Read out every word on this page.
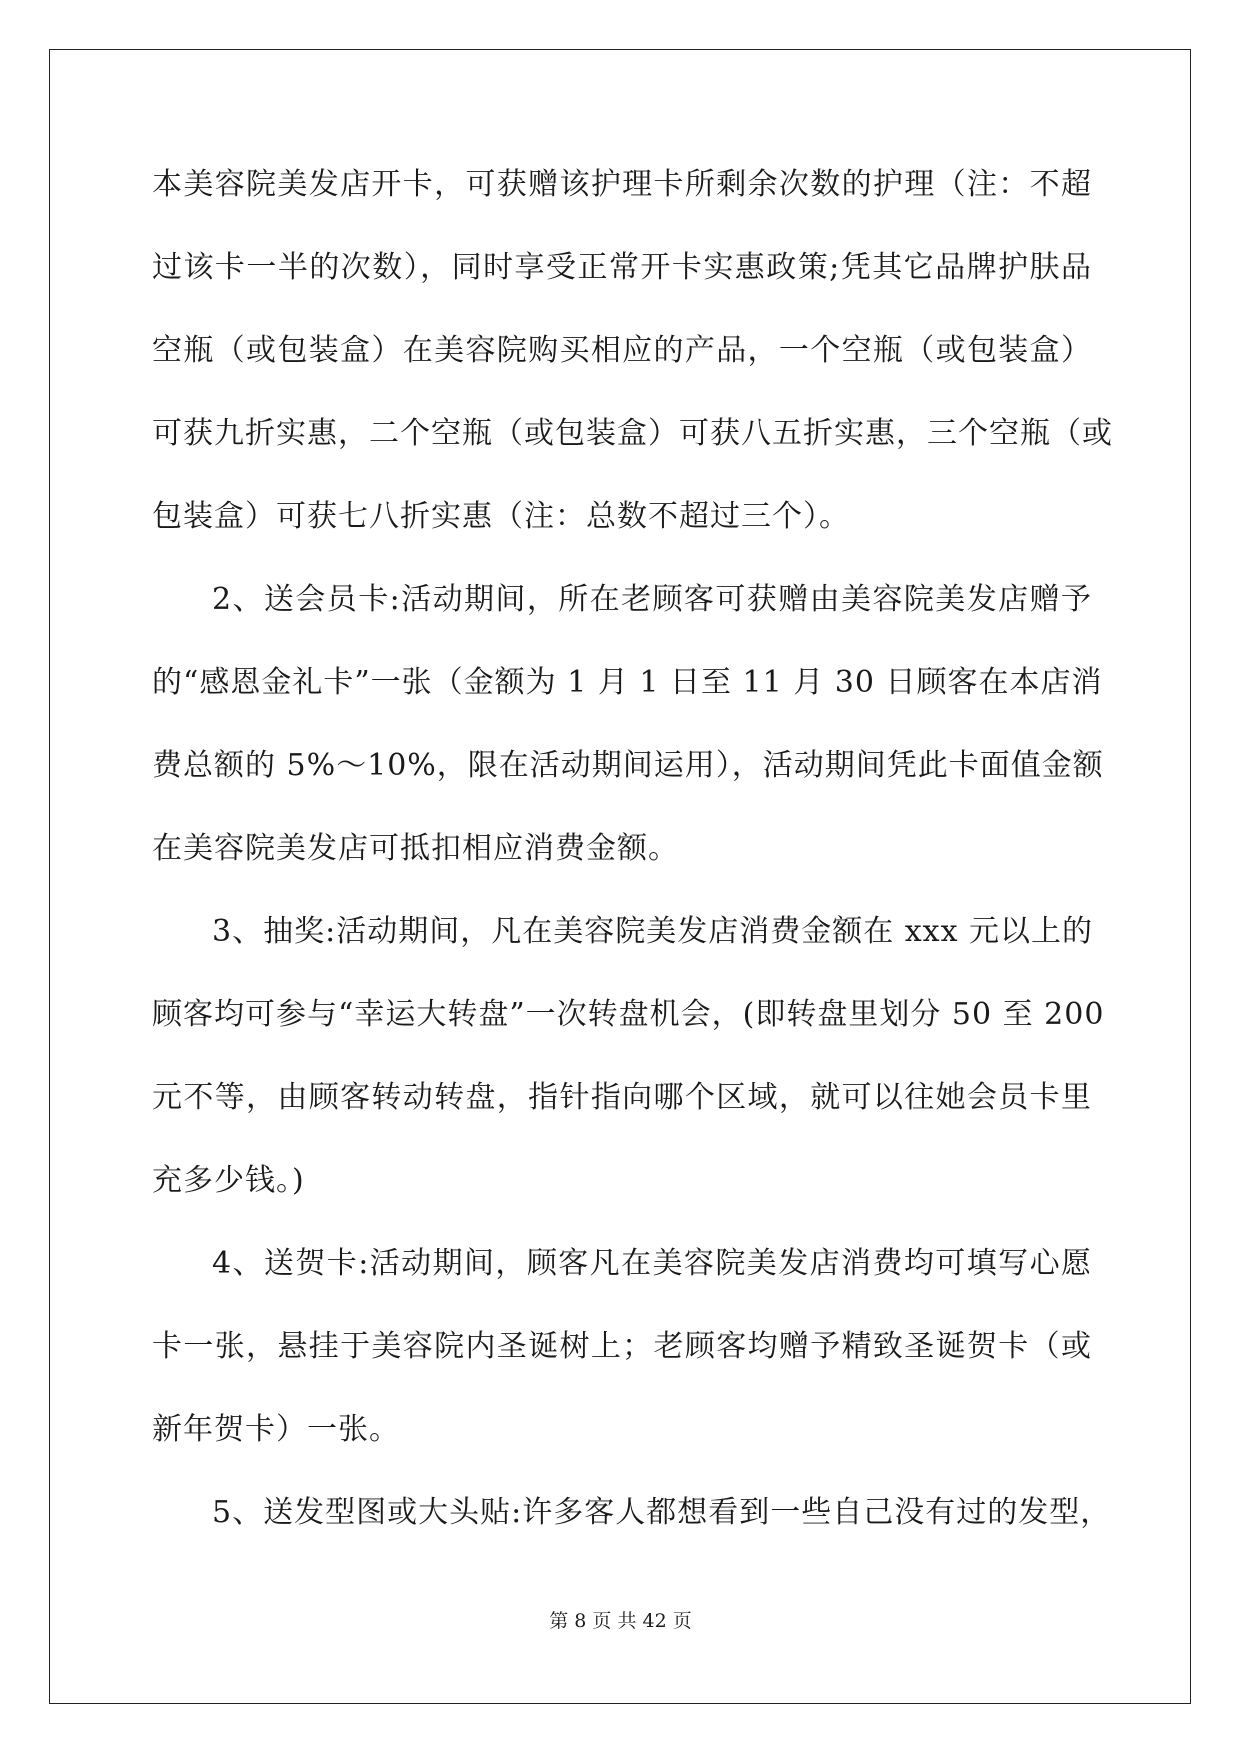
本美容院美发店开卡，可获赠该护理卡所剩余次数的护理（注：不超
过该卡一半的次数），同时享受正常开卡实惠政策;凭其它品牌护肤品
空瓶（或包装盒）在美容院购买相应的产品，一个空瓶（或包装盒）
可获九折实惠，二个空瓶（或包装盒）可获八五折实惠，三个空瓶（或
包装盒）可获七八折实惠（注：总数不超过三个）。
2、送会员卡:活动期间，所在老顾客可获赠由美容院美发店赠予
的“感恩金礼卡”一张（金额为 1 月 1 日至 11 月 30 日顾客在本店消
费总额的 5%～10%，限在活动期间运用），活动期间凭此卡面值金额
在美容院美发店可抵扣相应消费金额。
3、抽奖:活动期间，凡在美容院美发店消费金额在 xxx 元以上的
顾客均可参与“幸运大转盘”一次转盘机会，(即转盘里划分 50 至 200
元不等，由顾客转动转盘，指针指向哪个区域，就可以往她会员卡里
充多少钱。)
4、送贺卡:活动期间，顾客凡在美容院美发店消费均可填写心愿
卡一张，悬挂于美容院内圣诞树上；老顾客均赠予精致圣诞贺卡（或
新年贺卡）一张。
5、送发型图或大头贴:许多客人都想看到一些自己没有过的发型，
第 8 页 共 42 页
